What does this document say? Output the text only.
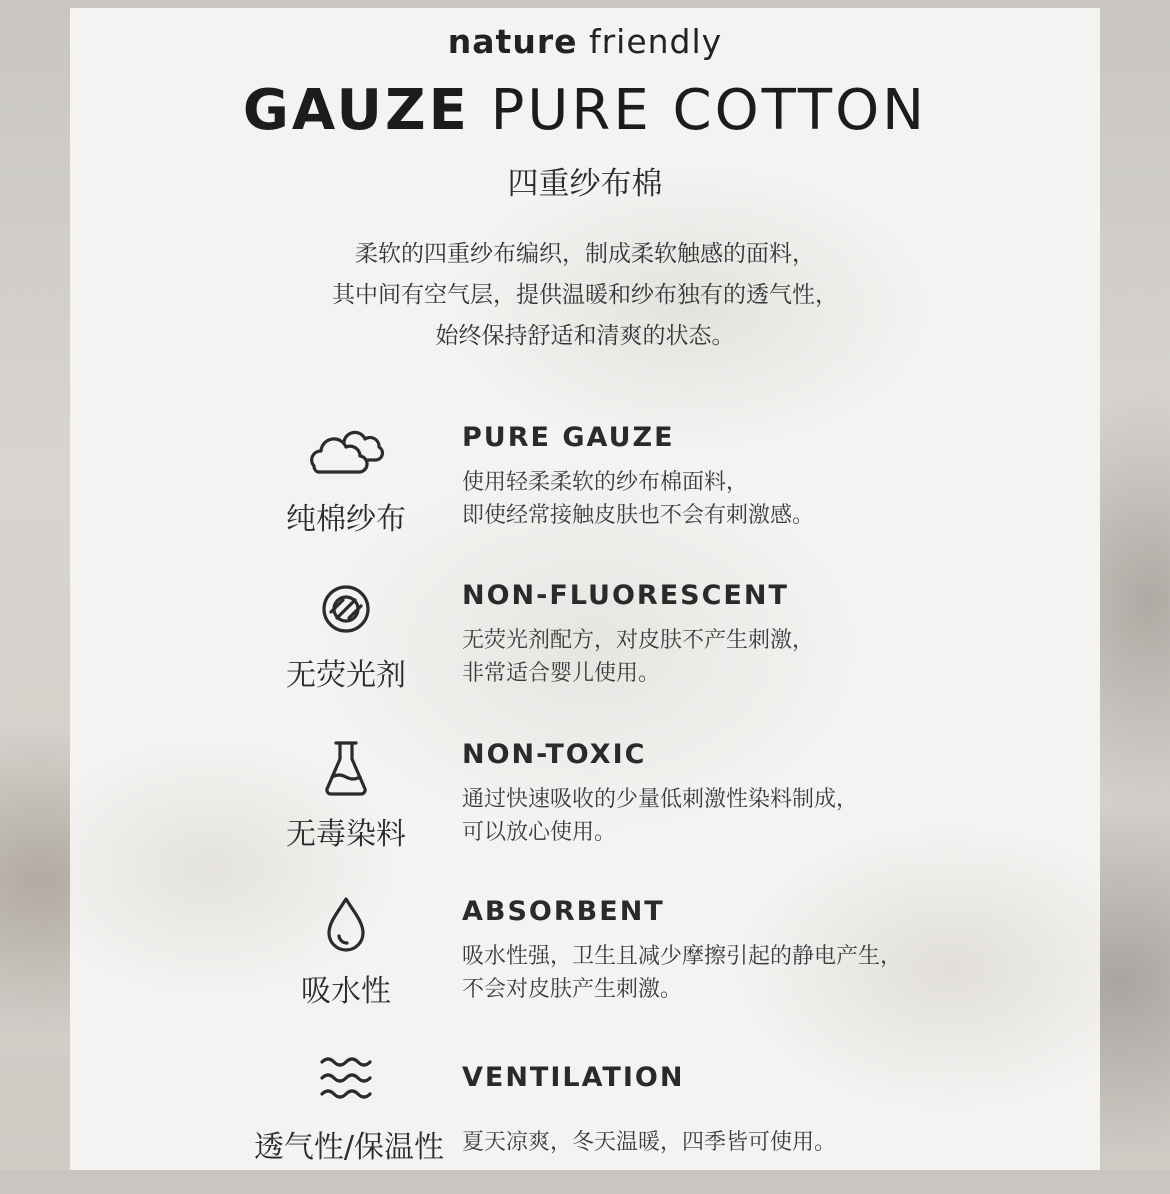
nature friendly
GAUZE PURE COTTON
四重纱布棉
柔软的四重纱布编织，制成柔软触感的面料，
其中间有空气层，提供温暖和纱布独有的透气性，
始终保持舒适和清爽的状态。
纯棉纱布
PURE GAUZE
使用轻柔柔软的纱布棉面料，
即使经常接触皮肤也不会有刺激感。
无荧光剂
NON-FLUORESCENT
无荧光剂配方，对皮肤不产生刺激，
非常适合婴儿使用。
无毒染料
NON-TOXIC
通过快速吸收的少量低刺激性染料制成，
可以放心使用。
吸水性
ABSORBENT
吸水性强，卫生且减少摩擦引起的静电产生，
不会对皮肤产生刺激。
透气性/保温性
VENTILATION
夏天凉爽，冬天温暖，四季皆可使用。
